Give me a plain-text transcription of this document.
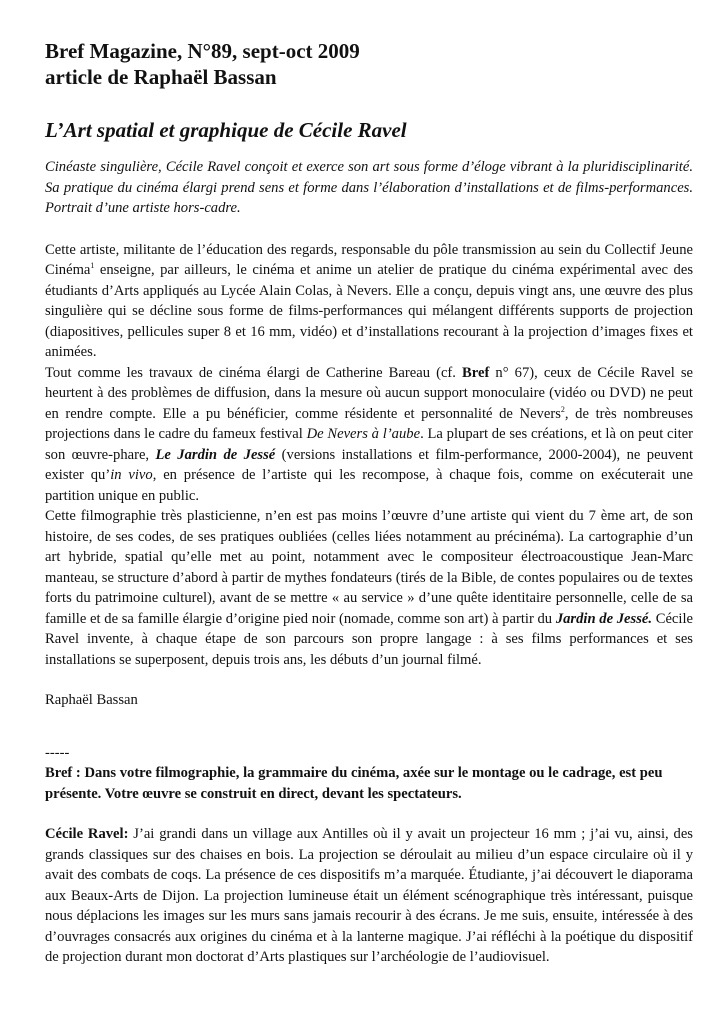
Bref Magazine, N°89, sept-oct 2009

article de Raphaël Bassan

L’Art spatial et graphique de Cécile Ravel

Cinéaste singulière, Cécile Ravel conçoit et exerce son art sous forme d’éloge vibrant à la pluridisciplinarité. Sa pratique du cinéma élargi prend sens et forme dans l’élaboration d’installations et de films-performances. Portrait d’une artiste hors-cadre.

Cette artiste, militante de l’éducation des regards, responsable du pôle transmission au sein du Collectif Jeune Cinéma$^1$ enseigne, par ailleurs, le cinéma et anime un atelier de pratique du cinéma expérimental avec des étudiants d’Arts appliqués au Lycée Alain Colas, à Nevers. Elle a conçu, depuis vingt ans, une œuvre des plus singulière qui se décline sous forme de films-performances qui mélangent différents supports de projection (diapositives, pellicules super 8 et 16 mm, vidéo) et d’installations recourant à la projection d’images fixes et animées.

Tout comme les travaux de cinéma élargi de Catherine Bareau (cf. Bref n° 67), ceux de Cécile Ravel se heurtent à des problèmes de diffusion, dans la mesure où aucun support monoculaire (vidéo ou DVD) ne peut en rendre compte. Elle a pu bénéficier, comme résidente et personnalité de Nevers$^2$, de très nombreuses projections dans le cadre du fameux festival De Nevers à l’aube. La plupart de ses créations, et là on peut citer son œuvre-phare, Le Jardin de Jessé (versions installations et film-performance, 2000-2004), ne peuvent exister qu’in vivo, en présence de l’artiste qui les recompose, à chaque fois, comme on exécuterait une partition unique en public.

Cette filmographie très plasticienne, n’en est pas moins l’œuvre d’une artiste qui vient du 7 ème art, de son histoire, de ses codes, de ses pratiques oubliées (celles liées notamment au précinéma). La cartographie d’un art hybride, spatial qu’elle met au point, notamment avec le compositeur électroacoustique Jean-Marc manteau, se structure d’abord à partir de mythes fondateurs (tirés de la Bible, de contes populaires ou de textes forts du patrimoine culturel), avant de se mettre « au service » d’une quête identitaire personnelle, celle de sa famille et de sa famille élargie d’origine pied noir (nomade, comme son art) à partir du Jardin de Jessé. Cécile Ravel invente, à chaque étape de son parcours son propre langage : à ses films performances et ses installations se superposent, depuis trois ans, les débuts d’un journal filmé.

Raphaël Bassan

-----

Bref : Dans votre filmographie, la grammaire du cinéma, axée sur le montage ou le cadrage, est peu présente. Votre œuvre se construit en direct, devant les spectateurs.

Cécile Ravel: J’ai grandi dans un village aux Antilles où il y avait un projecteur 16 mm ; j’ai vu, ainsi, des grands classiques sur des chaises en bois. La projection se déroulait au milieu d’un espace circulaire où il y avait des combats de coqs. La présence de ces dispositifs m’a marquée. Étudiante, j’ai découvert le diaporama aux Beaux-Arts de Dijon. La projection lumineuse était un élément scénographique très intéressant, puisque nous déplacions les images sur les murs sans jamais recourir à des écrans. Je me suis, ensuite, intéressée à des d’ouvrages consacrés aux origines du cinéma et à la lanterne magique. J’ai réfléchi à la poétique du dispositif de projection durant mon doctorat d’Arts plastiques sur l’archéologie de l’audiovisuel.
